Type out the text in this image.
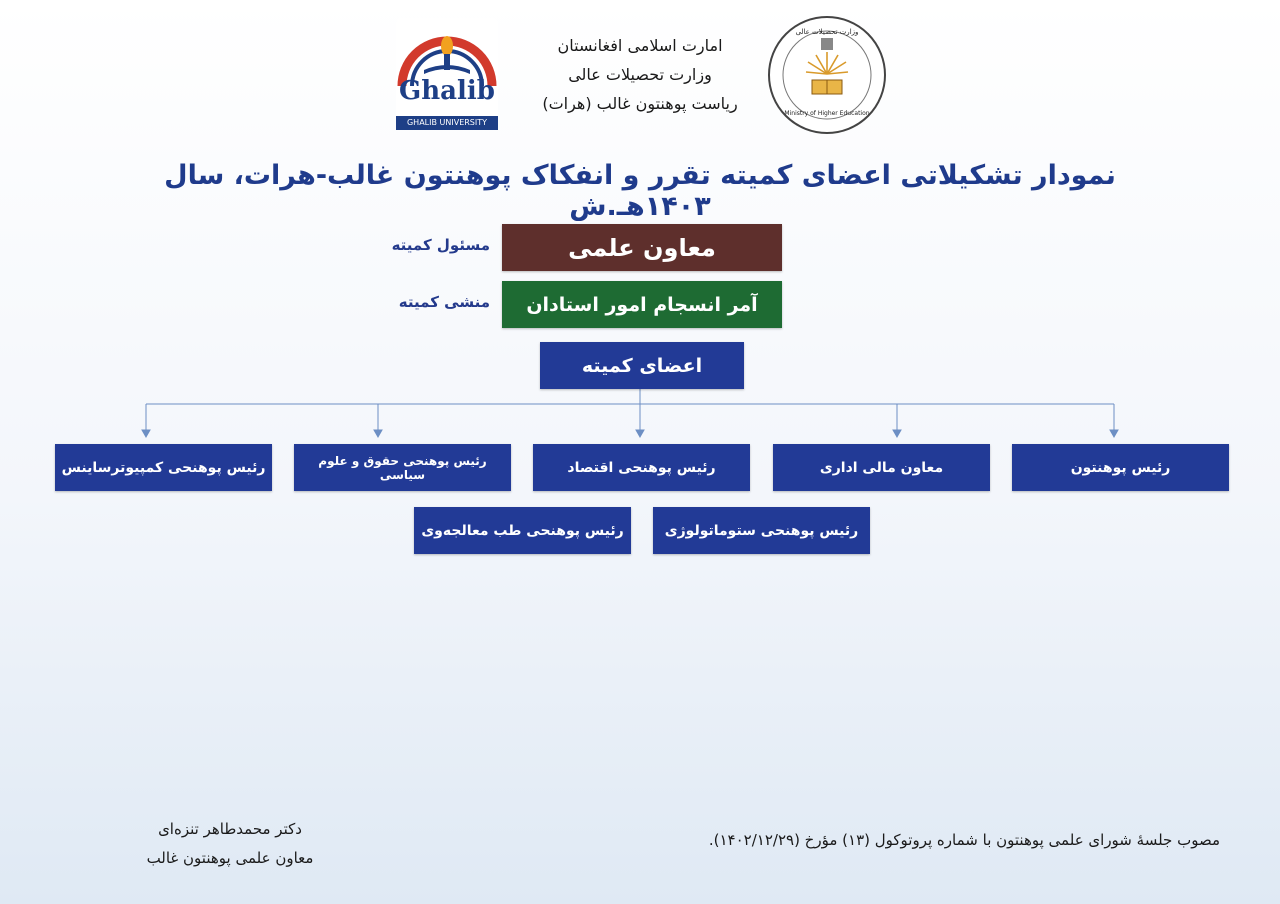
Ministry of Higher Education
وزارت تحصیلات عالی
امارت اسلامی افغانستان
وزارت تحصیلات عالی
ریاست پوهنتون غالب (هرات)
Ghalib
GHALIB UNIVERSITY
نمودار تشکیلاتی اعضای کمیته تقرر و انفکاک پوهنتون غالب-هرات، سال ۱۴۰۳هـ.ش
مسئول کمیته	معاون علمی
منشی کمیته	آمر انسجام امور استادان
اعضای کمیته
رئیس پوهنتون
معاون مالی اداری
رئیس پوهنحی اقتصاد
رئیس پوهنحی حقوق و علوم سیاسی
رئیس پوهنحی کمپیوترساینس
رئیس پوهنحی ستوماتولوژی
رئیس پوهنحی طب معالجه‌وی
مصوب جلسهٔ شورای علمی پوهنتون با شماره پروتوکول (۱۳) مؤرخ (۱۴۰۲/۱۲/۲۹).
دکتر محمدطاهر تنزه‌ای
معاون علمی پوهنتون غالب
